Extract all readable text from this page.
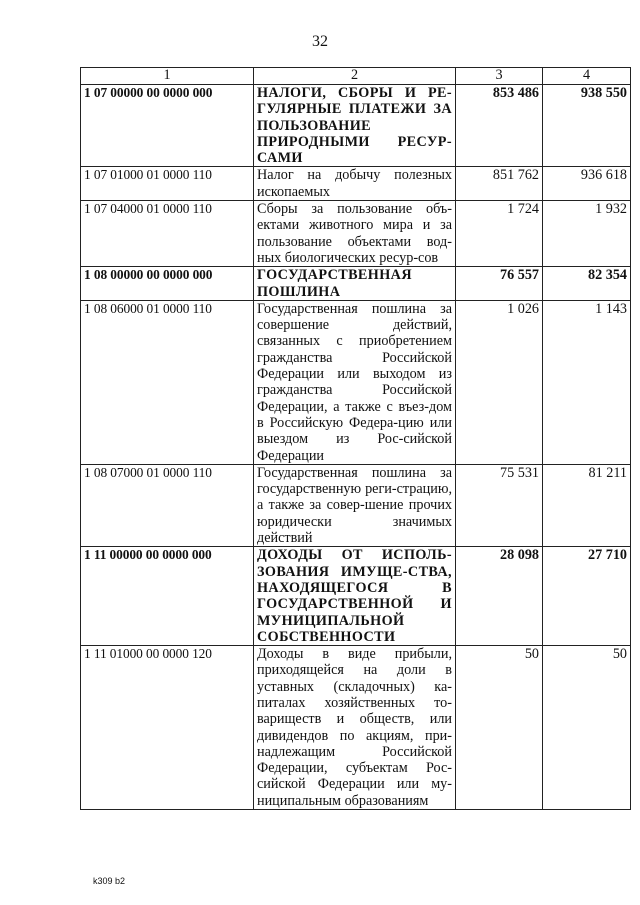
32
1	2	3	4
1 07 00000 00 0000 000	НАЛОГИ, СБОРЫ И РЕ-ГУЛЯРНЫЕ ПЛАТЕЖИ ЗА ПОЛЬЗОВАНИЕ ПРИРОДНЫМИ РЕСУР-САМИ	853 486	938 550
1 07 01000 01 0000 110	Налог на добычу полезных ископаемых	851 762	936 618
1 07 04000 01 0000 110	Сборы за пользование объ-ектами животного мира и за пользование объектами вод-ных биологических ресур-сов	1 724	1 932
1 08 00000 00 0000 000	ГОСУДАРСТВЕННАЯ ПОШЛИНА	76 557	82 354
1 08 06000 01 0000 110	Государственная пошлина за совершение действий, связанных с приобретением гражданства Российской Федерации или выходом из гражданства Российской Федерации, а также с въез-дом в Российскую Федера-цию или выездом из Рос-сийской Федерации	1 026	1 143
1 08 07000 01 0000 110	Государственная пошлина за государственную реги-страцию, а также за совер-шение прочих юридически значимых действий	75 531	81 211
1 11 00000 00 0000 000	ДОХОДЫ ОТ ИСПОЛЬ-ЗОВАНИЯ ИМУЩЕ-СТВА, НАХОДЯЩЕГОСЯ В ГОСУДАРСТВЕННОЙ И МУНИЦИПАЛЬНОЙ СОБСТВЕННОСТИ	28 098	27 710
1 11 01000 00 0000 120	Доходы в виде прибыли, приходящейся на доли в уставных (складочных) ка-питалах хозяйственных то-вариществ и обществ, или дивидендов по акциям, при-надлежащим Российской Федерации, субъектам Рос-сийской Федерации или му-ниципальным образованиям	50	50
k309 b2
